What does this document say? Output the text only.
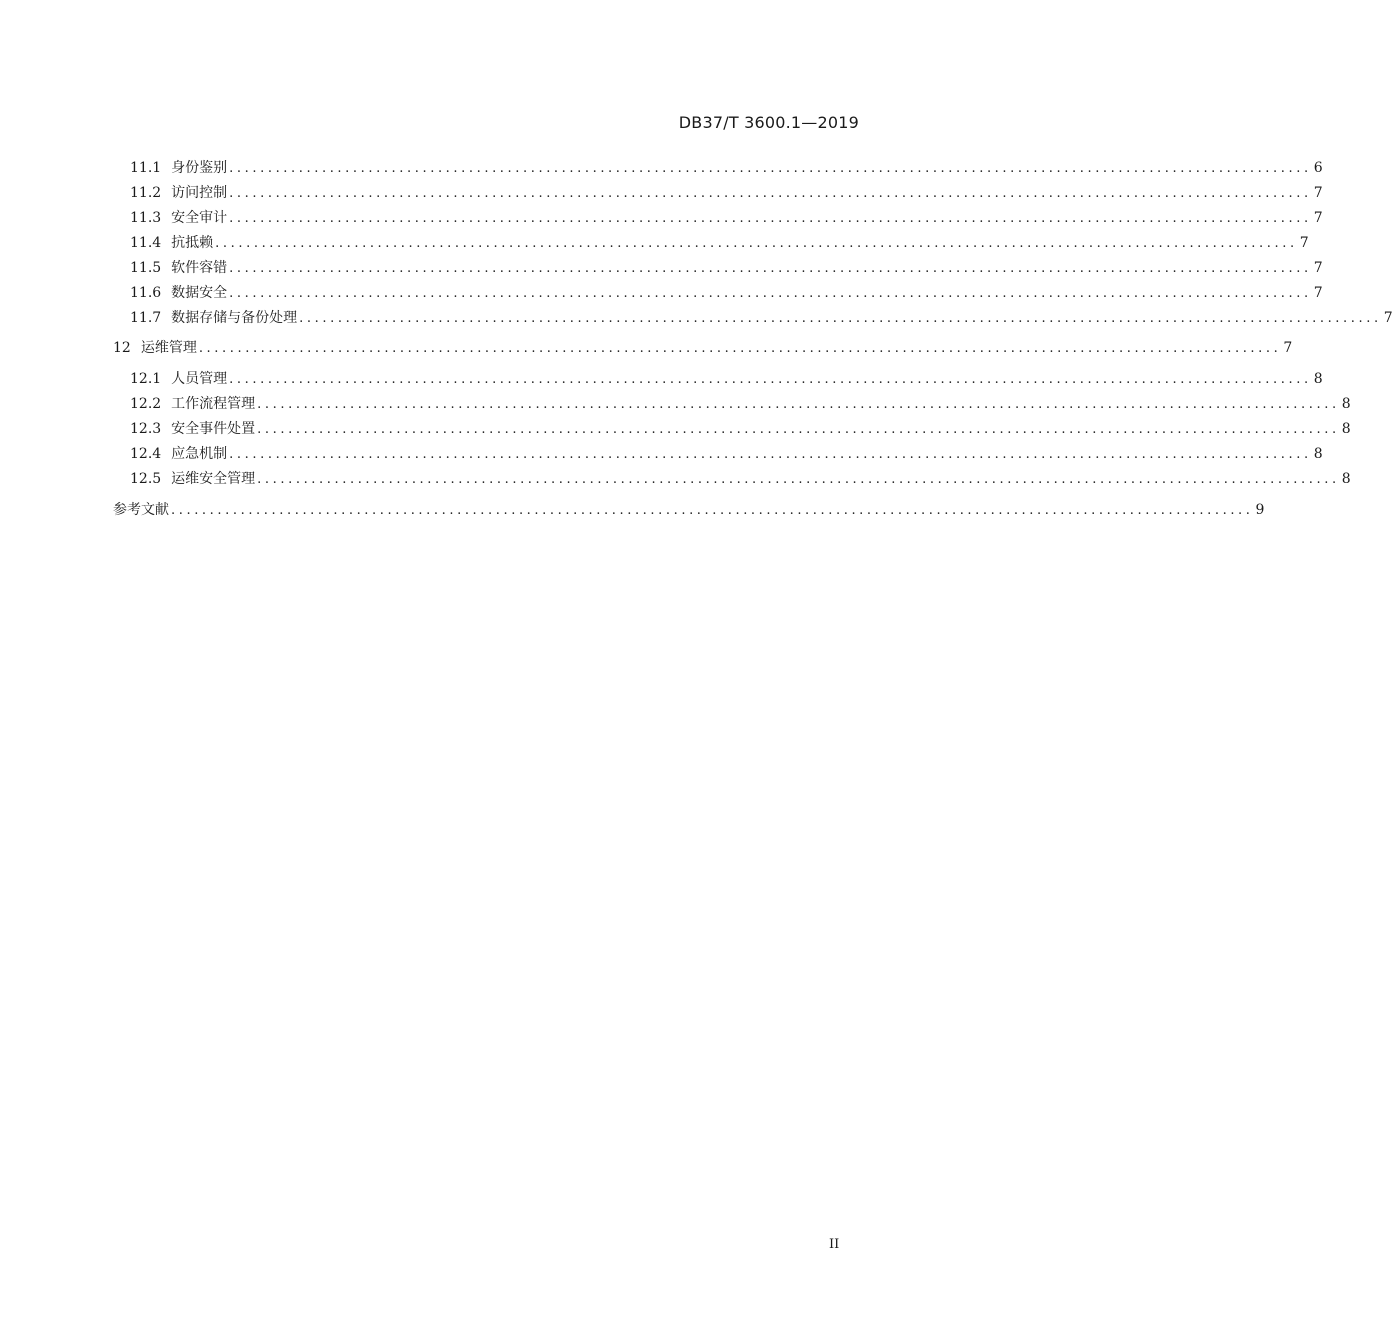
DB37/T 3600.1—2019
11.1 身份鉴别 ............................................................................................................................................ 6
11.2 访问控制 ............................................................................................................................................ 7
11.3 安全审计 ............................................................................................................................................ 7
11.4 抗抵赖 ............................................................................................................................................ 7
11.5 软件容错 ............................................................................................................................................ 7
11.6 数据安全 ............................................................................................................................................ 7
11.7 数据存储与备份处理 ............................................................................................................................................ 7
12 运维管理 ............................................................................................................................................ 7
12.1 人员管理 ............................................................................................................................................ 8
12.2 工作流程管理 ............................................................................................................................................ 8
12.3 安全事件处置 ............................................................................................................................................ 8
12.4 应急机制 ............................................................................................................................................ 8
12.5 运维安全管理 ............................................................................................................................................ 8
参考文献 ............................................................................................................................................ 9
II
